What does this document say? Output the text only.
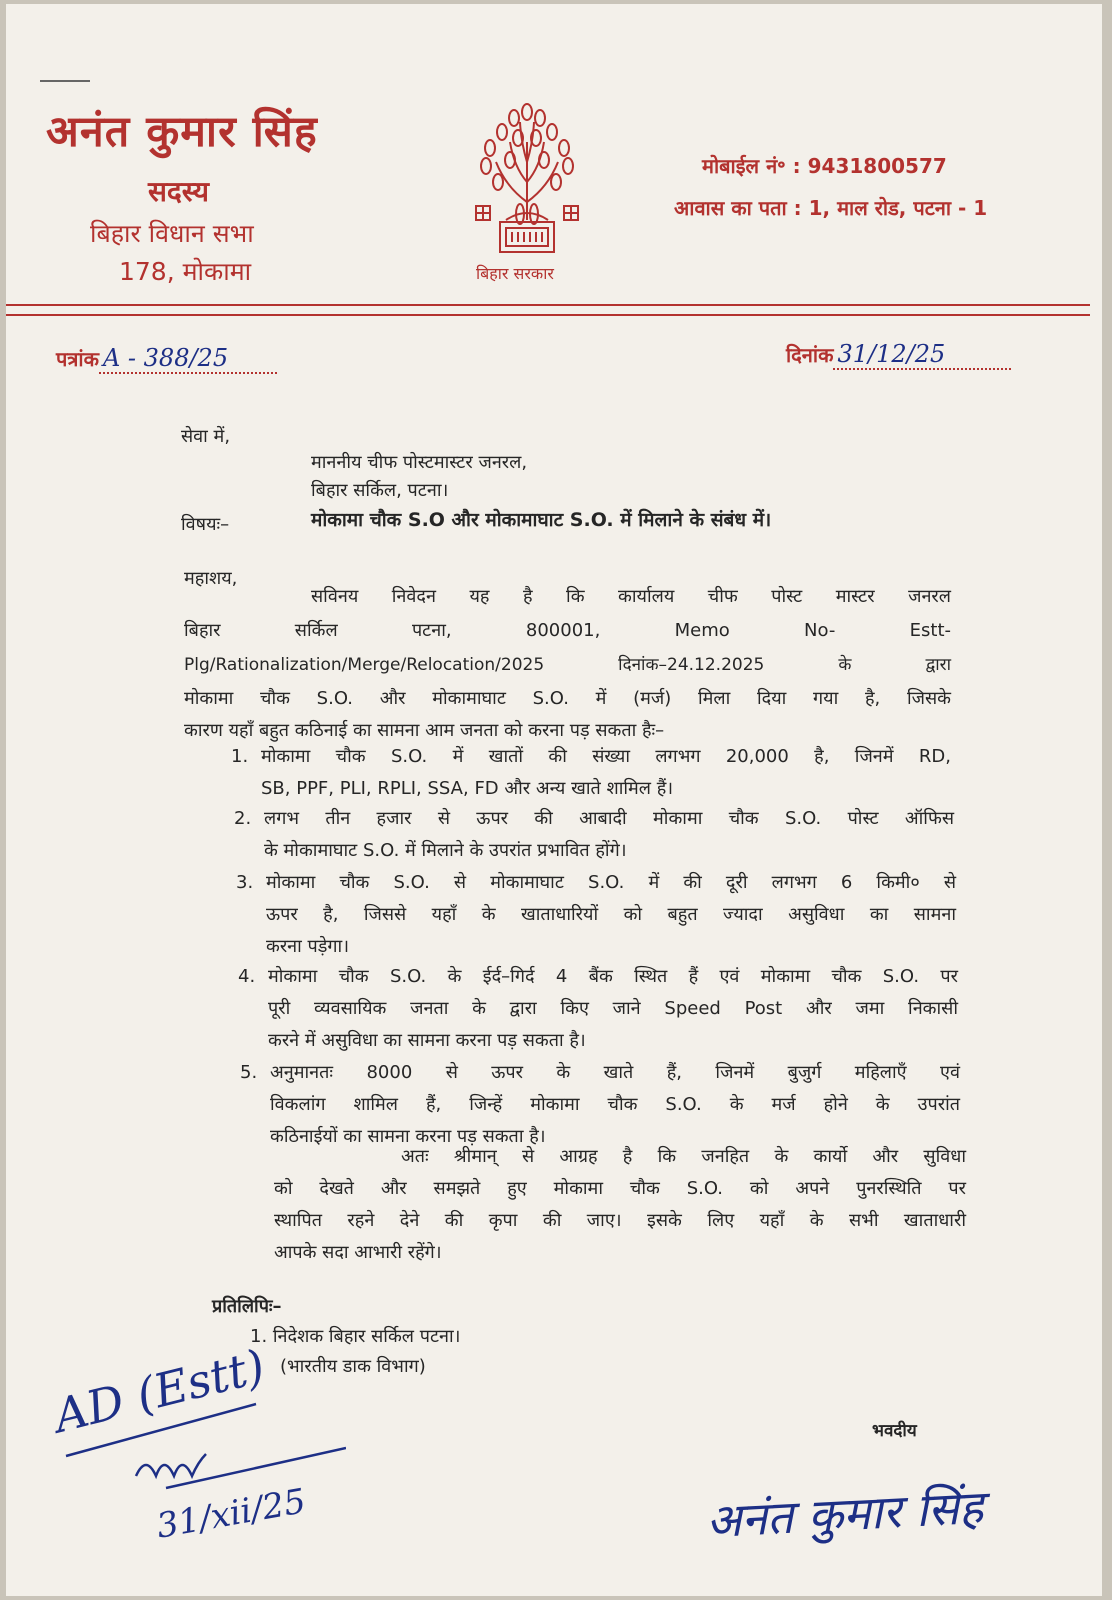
अनंत कुमार सिंह
सदस्य
बिहार विधान सभा
178, मोकामा	बिहार सरकार
मोबाईल नं॰ : 9431800577
आवास का पता : 1, माल रोड, पटना - 1
पत्रांक A - 388/25	दिनांक 31/12/25
सेवा में,
माननीय चीफ पोस्टमास्टर जनरल,
बिहार सर्किल, पटना।
विषयः–	मोकामा चौक S.O और मोकामाघाट S.O. में मिलाने के संबंध में।
महाशय,
सविनय निवेदन यह है कि कार्यालय चीफ पोस्ट मास्टर जनरल
बिहार सर्किल पटना, 800001, Memo No- Estt-
Plg/Rationalization/Merge/Relocation/2025 दिनांक–24.12.2025 के द्वारा
मोकामा चौक S.O. और मोकामाघाट S.O. में (मर्ज) मिला दिया गया है, जिसके
कारण यहाँ बहुत कठिनाई का सामना आम जनता को करना पड़ सकता हैः–
1. मोकामा चौक S.O. में खातों की संख्या लगभग 20,000 है, जिनमें RD,
SB, PPF, PLI, RPLI, SSA, FD और अन्य खाते शामिल हैं।
2. लगभ तीन हजार से ऊपर की आबादी मोकामा चौक S.O. पोस्ट ऑफिस
के मोकामाघाट S.O. में मिलाने के उपरांत प्रभावित होंगे।
3. मोकामा चौक S.O. से मोकामाघाट S.O. में की दूरी लगभग 6 किमी० से
ऊपर है, जिससे यहाँ के खाताधारियों को बहुत ज्यादा असुविधा का सामना
करना पड़ेगा।
4. मोकामा चौक S.O. के ईर्द–गिर्द 4 बैंक स्थित हैं एवं मोकामा चौक S.O. पर
पूरी व्यवसायिक जनता के द्वारा किए जाने Speed Post और जमा निकासी
करने में असुविधा का सामना करना पड़ सकता है।
5. अनुमानतः 8000 से ऊपर के खाते हैं, जिनमें बुजुर्ग महिलाएँ एवं
विकलांग शामिल हैं, जिन्हें मोकामा चौक S.O. के मर्ज होने के उपरांत
कठिनाईयों का सामना करना पड़ सकता है।
अतः श्रीमान् से आग्रह है कि जनहित के कार्यो और सुविधा
को देखते और समझते हुए मोकामा चौक S.O. को अपने पुनरस्थिति पर
स्थापित रहने देने की कृपा की जाए। इसके लिए यहाँ के सभी खाताधारी
आपके सदा आभारी रहेंगे।
प्रतिलिपिः–
1. निदेशक बिहार सर्किल पटना।
(भारतीय डाक विभाग)
भवदीय
AD (Estt)
31/xii/25	अनंत कुमार सिंह
